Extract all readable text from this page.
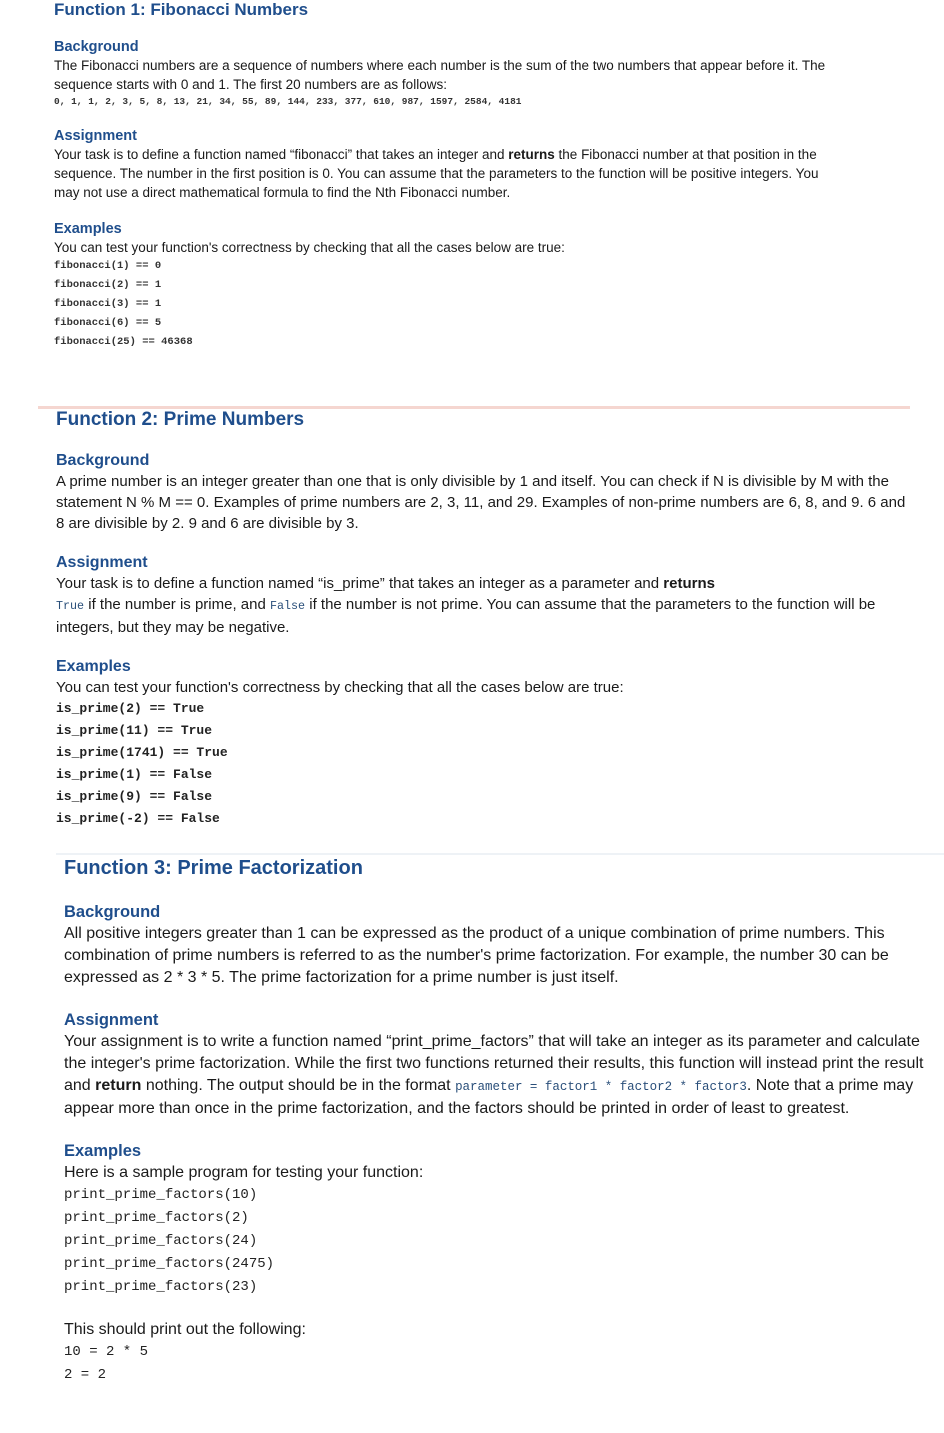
Function 1: Fibonacci Numbers
Background

The Fibonacci numbers are a sequence of numbers where each number is the sum of the two numbers that appear before it. The sequence starts with 0 and 1. The first 20 numbers are as follows:

0, 1, 1, 2, 3, 5, 8, 13, 21, 34, 55, 89, 144, 233, 377, 610, 987, 1597, 2584, 4181

Assignment

Your task is to define a function named “fibonacci” that takes an integer and returns the Fibonacci number at that position in the sequence. The number in the first position is 0. You can assume that the parameters to the function will be positive integers. You may not use a direct mathematical formula to find the Nth Fibonacci number.

Examples

You can test your function's correctness by checking that all the cases below are true:

fibonacci(1) == 0

fibonacci(2) == 1

fibonacci(3) == 1

fibonacci(6) == 5

fibonacci(25) == 46368

Function 2: Prime Numbers
Background

A prime number is an integer greater than one that is only divisible by 1 and itself. You can check if N is divisible by M with the statement N % M == 0. Examples of prime numbers are 2, 3, 11, and 29. Examples of non-prime numbers are 6, 8, and 9. 6 and 8 are divisible by 2. 9 and 6 are divisible by 3.

Assignment

Your task is to define a function named “is_prime” that takes an integer as a parameter and returns
True if the number is prime, and False if the number is not prime. You can assume that the parameters to the function will be integers, but they may be negative.

Examples

You can test your function's correctness by checking that all the cases below are true:

is_prime(2) == True

is_prime(11) == True

is_prime(1741) == True

is_prime(1) == False

is_prime(9) == False

is_prime(-2) == False

Function 3: Prime Factorization
Background

All positive integers greater than 1 can be expressed as the product of a unique combination of prime numbers. This combination of prime numbers is referred to as the number's prime factorization. For example, the number 30 can be expressed as 2 * 3 * 5. The prime factorization for a prime number is just itself.

Assignment

Your assignment is to write a function named “print_prime_factors” that will take an integer as its parameter and calculate the integer's prime factorization. While the first two functions returned their results, this function will instead print the result and return nothing. The output should be in the format parameter = factor1 * factor2 * factor3. Note that a prime may appear more than once in the prime factorization, and the factors should be printed in order of least to greatest.

Examples

Here is a sample program for testing your function:

print_prime_factors(10)

print_prime_factors(2)

print_prime_factors(24)

print_prime_factors(2475)

print_prime_factors(23)

This should print out the following:

10 = 2 * 5

2 = 2
